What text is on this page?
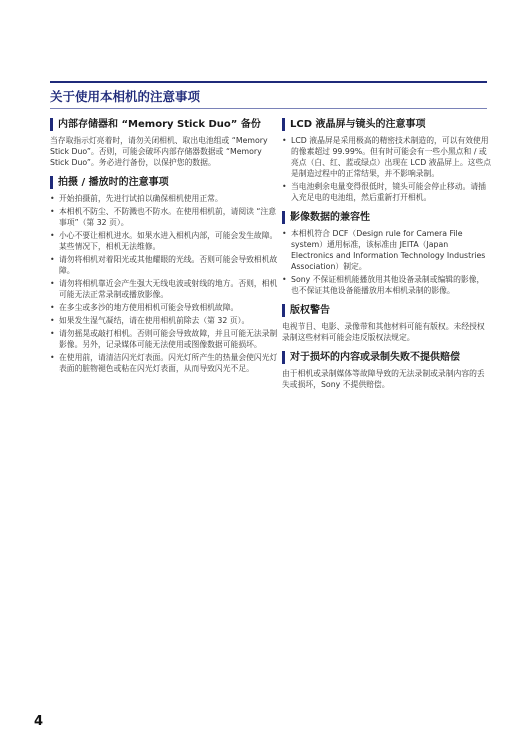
关于使用本相机的注意事项
内部存储器和 “Memory Stick Duo” 备份

当存取指示灯亮着时，请勿关闭相机、取出电池组或 “Memory Stick Duo”。否则，可能会破坏内部存储器数据或 “Memory Stick Duo”。务必进行备份，以保护您的数据。

拍摄 / 播放时的注意事项
• 开始拍摄前，先进行试拍以确保相机使用正常。
• 本相机不防尘、不防溅也不防水。在使用相机前，请阅读 “注意事项”（第 32 页）。
• 小心不要让相机进水。如果水进入相机内部，可能会发生故障。某些情况下，相机无法维修。
• 请勿将相机对着阳光或其他耀眼的光线。否则可能会导致相机故障。
• 请勿将相机靠近会产生强大无线电波或射线的地方。否则，相机可能无法正常录制或播放影像。
• 在多尘或多沙的地方使用相机可能会导致相机故障。
• 如果发生湿气凝结，请在使用相机前除去（第 32 页）。
• 请勿摇晃或敲打相机。否则可能会导致故障，并且可能无法录制影像。另外，记录媒体可能无法使用或图像数据可能损坏。
• 在使用前，请清洁闪光灯表面。闪光灯所产生的热量会使闪光灯表面的脏物褪色或粘在闪光灯表面，从而导致闪光不足。
LCD 液晶屏与镜头的注意事项
• LCD 液晶屏是采用极高的精密技术制造的，可以有效使用的像素超过 99.99%。但有时可能会有一些小黑点和 / 或亮点（白、红、蓝或绿点）出现在 LCD 液晶屏上。这些点是制造过程中的正常结果，并不影响录制。
• 当电池剩余电量变得很低时，镜头可能会停止移动。请插入充足电的电池组，然后重新打开相机。
影像数据的兼容性
• 本相机符合 DCF（Design rule for Camera File system）通用标准，该标准由 JEITA（Japan Electronics and Information Technology Industries Association）制定。
• Sony 不保证相机能播放用其他设备录制或编辑的影像，也不保证其他设备能播放用本相机录制的影像。
版权警告

电视节目、电影、录像带和其他材料可能有版权。未经授权录制这些材料可能会违反版权法规定。

对于损坏的内容或录制失败不提供赔偿

由于相机或录制媒体等故障导致的无法录制或录制内容的丢失或损坏，Sony 不提供赔偿。

4
